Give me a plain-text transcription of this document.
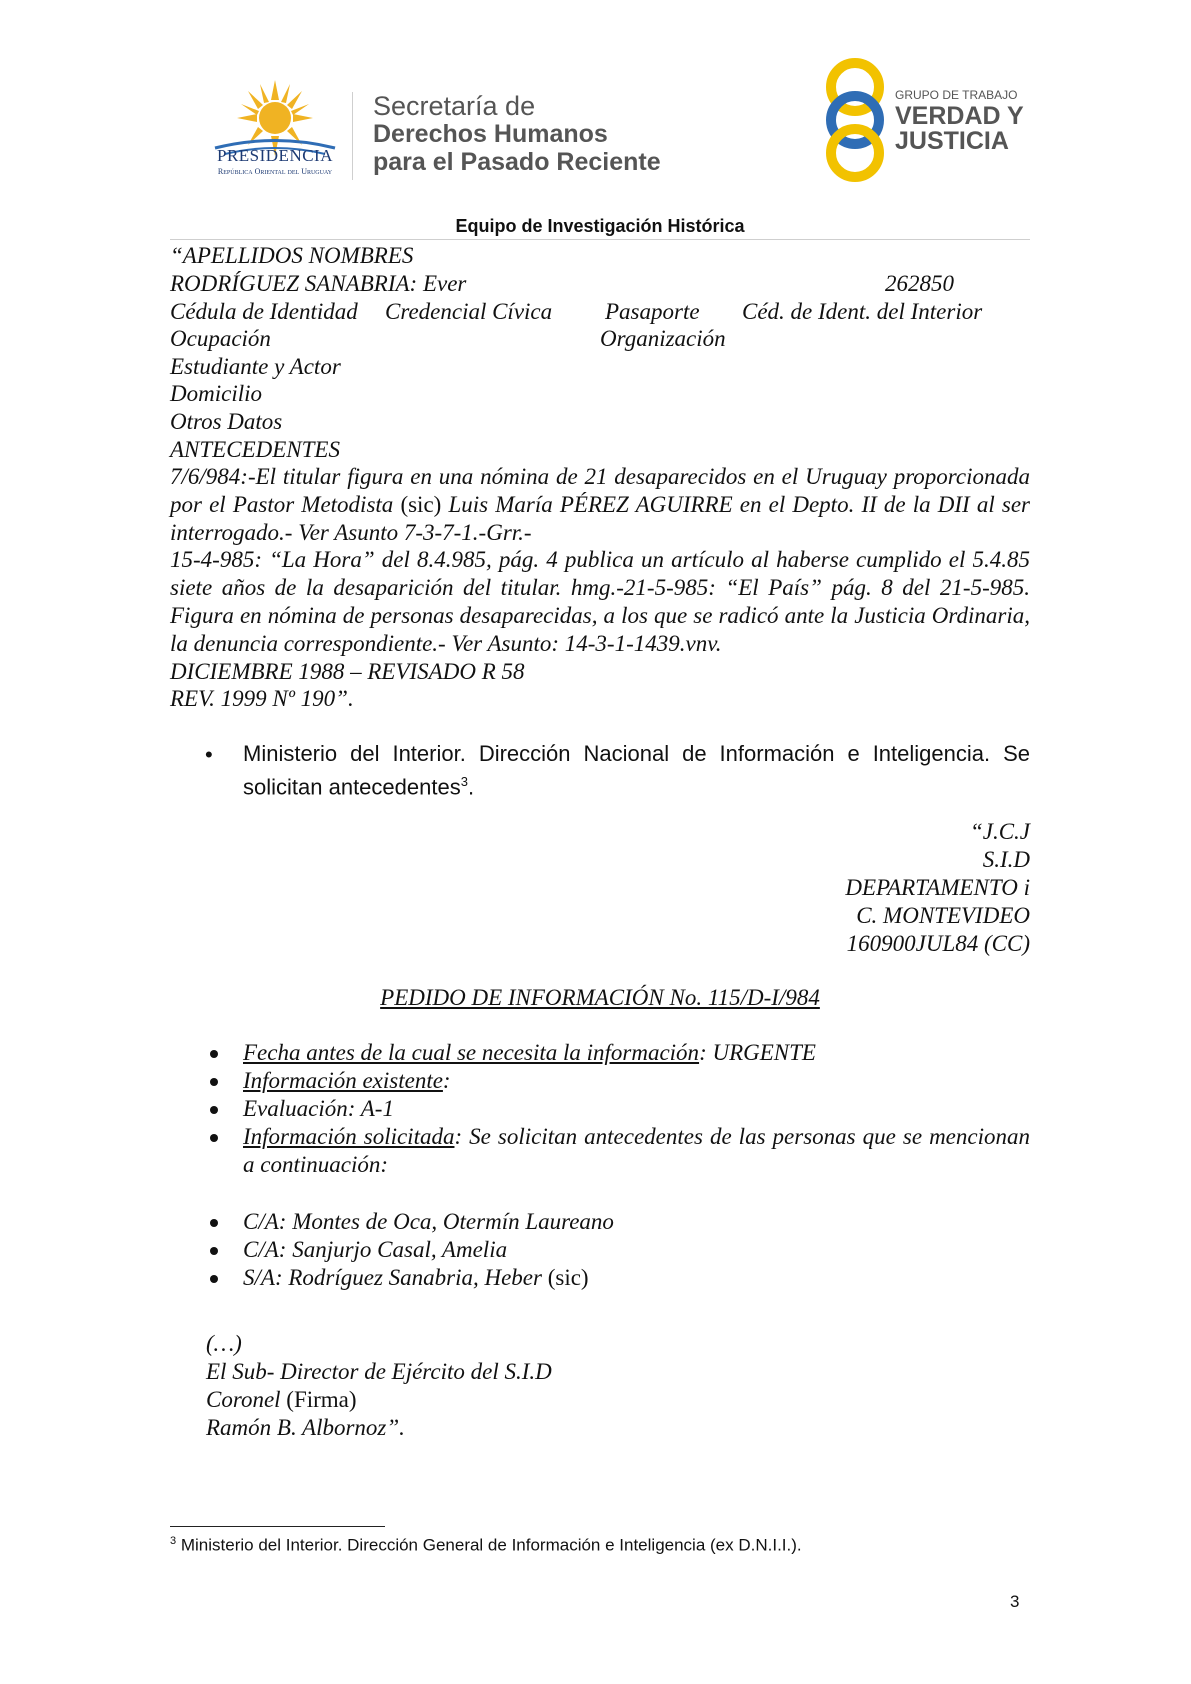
PRESIDENCIA
República Oriental del Uruguay
Secretaría de
Derechos Humanos
para el Pasado Reciente
GRUPO DE TRABAJO
VERDAD Y
JUSTICIA
Equipo de Investigación Histórica
“APELLIDOS NOMBRES
RODRÍGUEZ SANABRIA: Ever	262850
Cédula de Identidad Credencial Cívica Pasaporte Céd. de Ident. del Interior
Ocupación	Organización
Estudiante y Actor
Domicilio
Otros Datos
ANTECEDENTES
7/6/984:-El titular figura en una nómina de 21 desaparecidos en el Uruguay proporcionada por el Pastor Metodista (sic) Luis María PÉREZ AGUIRRE en el Depto. II de la DII al ser interrogado.- Ver Asunto 7-3-7-1.-Grr.-
15-4-985: “La Hora” del 8.4.985, pág. 4 publica un artículo al haberse cumplido el 5.4.85 siete años de la desaparición del titular. hmg.-21-5-985: “El País” pág. 8 del 21-5-985. Figura en nómina de personas desaparecidas, a los que se radicó ante la Justicia Ordinaria, la denuncia correspondiente.- Ver Asunto: 14-3-1-1439.vnv.
DICIEMBRE 1988 – REVISADO R 58
REV. 1999 Nº 190”.
• Ministerio del Interior. Dirección Nacional de Información e Inteligencia. Se solicitan antecedentes$^3$.
“J.C.J
S.I.D
DEPARTAMENTO i
C. MONTEVIDEO
160900JUL84 (CC)
PEDIDO DE INFORMACIÓN No. 115/D-I/984
Fecha antes de la cual se necesita la información: URGENTE
Información existente:
Evaluación: A-1
Información solicitada: Se solicitan antecedentes de las personas que se mencionan a continuación:
C/A: Montes de Oca, Otermín Laureano
C/A: Sanjurjo Casal, Amelia
S/A: Rodríguez Sanabria, Heber (sic)
(…)
El Sub- Director de Ejército del S.I.D
Coronel (Firma)
Ramón B. Albornoz”.
$^3$ Ministerio del Interior. Dirección General de Información e Inteligencia (ex D.N.I.I.).
3
